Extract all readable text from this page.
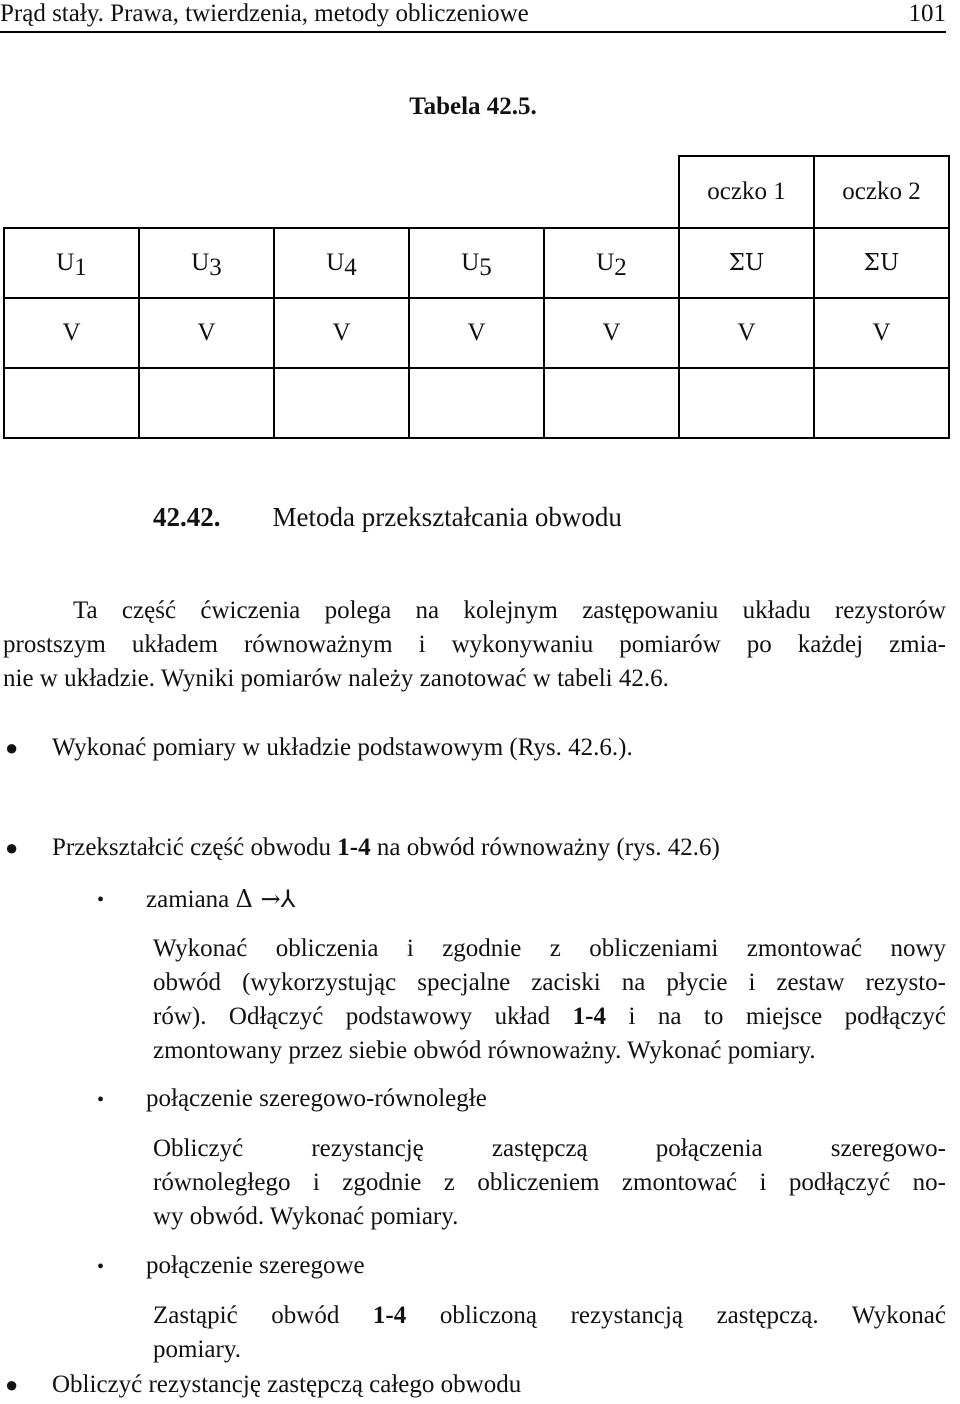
Prąd stały. Prawa, twierdzenia, metody obliczeniowe	101
Tabela 42.5.
					oczko 1	oczko 2
U1	U3	U4	U5	U2	ΣU	ΣU
V	V	V	V	V	V	V

42.42. Metoda przekształcania obwodu
Ta część ćwiczenia polega na kolejnym zastępowaniu układu rezystorów
prostszym układem równoważnym i wykonywaniu pomiarów po każdej zmia-
nie w układzie. Wyniki pomiarów należy zanotować w tabeli 42.6.
● Wykonać pomiary w układzie podstawowym (Rys. 42.6.).
● Przekształcić część obwodu 1-4 na obwód równoważny (rys. 42.6)
• zamiana Δ →⅄
Wykonać obliczenia i zgodnie z obliczeniami zmontować nowy
obwód (wykorzystując specjalne zaciski na płycie i zestaw rezysto-
rów). Odłączyć podstawowy układ 1-4 i na to miejsce podłączyć
zmontowany przez siebie obwód równoważny. Wykonać pomiary.
• połączenie szeregowo-równoległe
Obliczyć rezystancję zastępczą połączenia szeregowo-
równoległego i zgodnie z obliczeniem zmontować i podłączyć no-
wy obwód. Wykonać pomiary.
• połączenie szeregowe
Zastąpić obwód 1-4 obliczoną rezystancją zastępczą. Wykonać
pomiary.
● Obliczyć rezystancję zastępczą całego obwodu
